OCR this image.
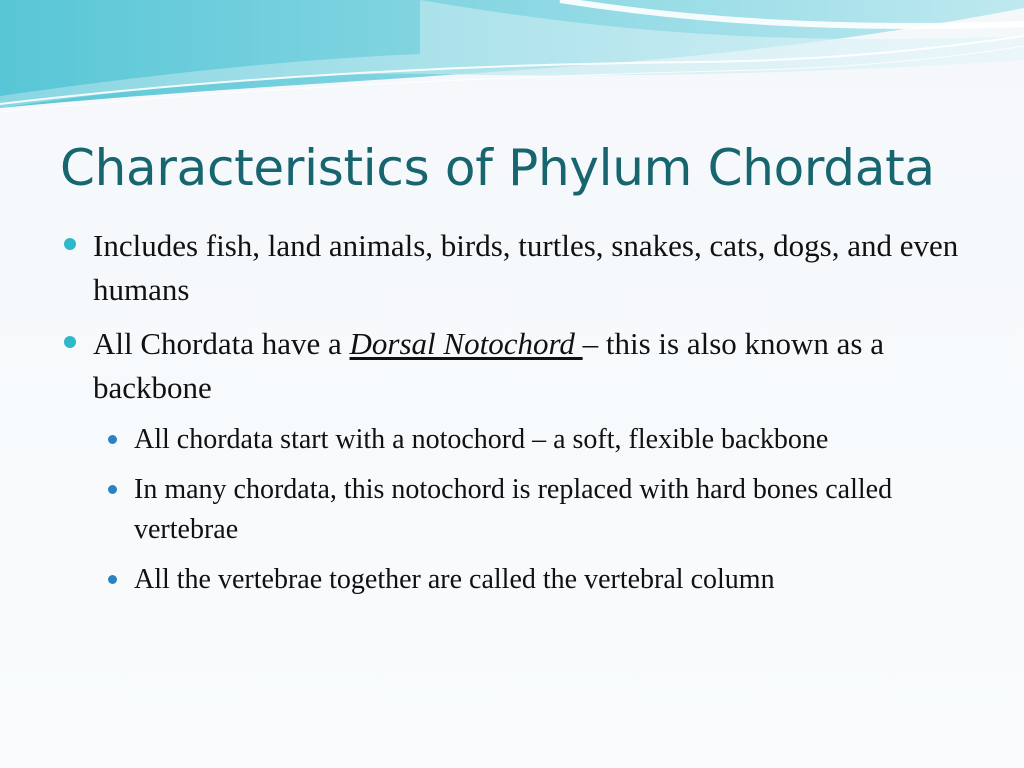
Characteristics of Phylum Chordata
Includes fish, land animals, birds, turtles, snakes, cats, dogs, and even humans
All Chordata have a Dorsal Notochord – this is also known as a backbone
All chordata start with a notochord – a soft, flexible backbone
In many chordata, this notochord is replaced with hard bones called vertebrae
All the vertebrae together are called the vertebral column
